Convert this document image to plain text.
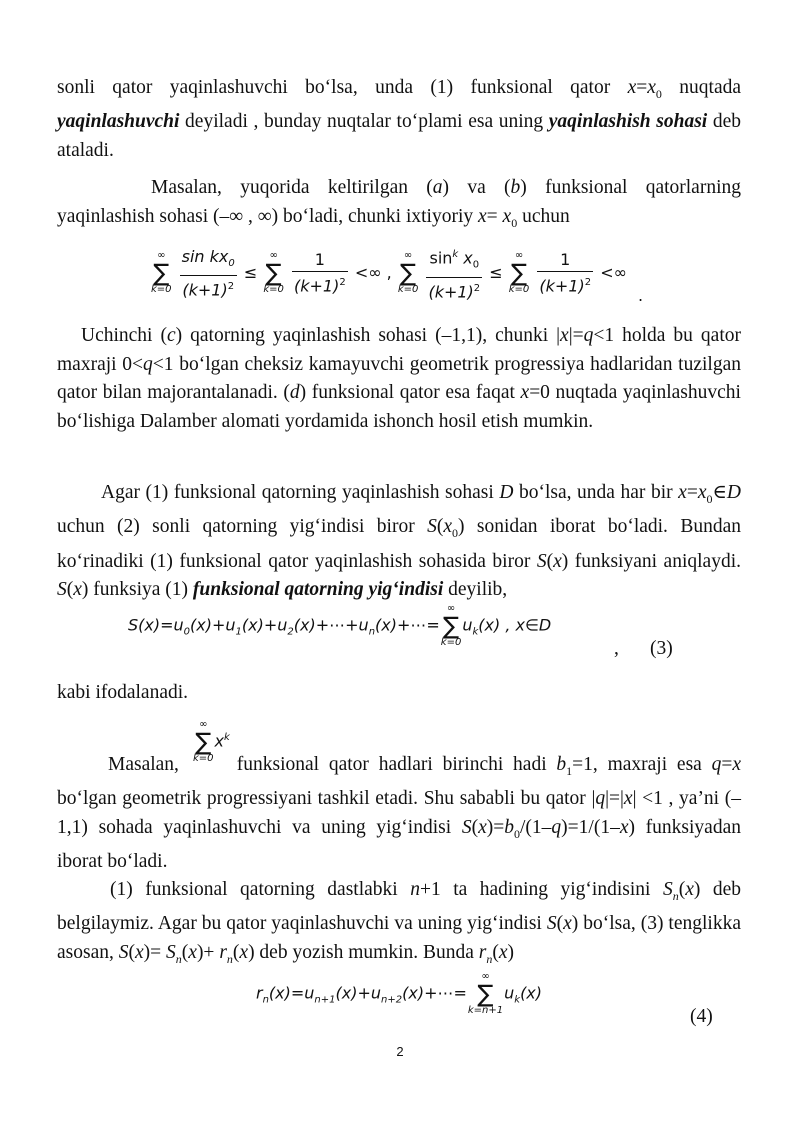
sonli qator yaqinlashuvchi bo‘lsa, unda (1) funksional qator $x=x_0$ nuqtada yaqinlashuvchi deyiladi , bunday nuqtalar to‘plami esa uning yaqinlashish sohasi deb ataladi.
Masalan, yuqorida keltirilgan (a) va (b) funksional qatorlarning yaqinlashish sohasi (–∞ , ∞) bo‘ladi, chunki ixtiyoriy $x= x_0$ uchun
∞
∑
k=0
$\frac{\sin kx_0}{(k+1)^2}$ ≤
∞
∑
k=0
$\frac{1}{(k+1)^2}$ <∞ ,
∞
∑
k=0
$\frac{\sin^k x_0}{(k+1)^2}$ ≤
∞
∑
k=0
$\frac{1}{(k+1)^2}$ <∞
.
Uchinchi (c) qatorning yaqinlashish sohasi (–1,1), chunki |x|=q<1 holda bu qator maxraji 0<q<1 bo‘lgan cheksiz kamayuvchi geometrik progressiya hadlaridan tuzilgan qator bilan majorantalanadi. (d) funksional qator esa faqat x=0 nuqtada yaqinlashuvchi bo‘lishiga Dalamber alomati yordamida ishonch hosil etish mumkin.
Agar (1) funksional qatorning yaqinlashish sohasi D bo‘lsa, unda har bir $x=x_0\in D$ uchun (2) sonli qatorning yig‘indisi biror $S(x_0)$ sonidan iborat bo‘ladi. Bundan ko‘rinadiki (1) funksional qator yaqinlashish sohasida biror S(x) funksiyani aniqlaydi. S(x) funksiya (1) funksional qatorning yig‘indisi deyilib,
$S(x)=u_0(x)+u_1(x)+u_2(x)+\cdots+u_n(x)+\cdots=$
∞
∑
k=0
$u_k(x)$ , x∈D
, (3)
kabi ifodalanadi.
∞
∑
k=0
$x^k$
Masalan, funksional qator hadlari birinchi hadi $b_1=1$, maxraji esa q=x bo‘lgan geometrik progressiyani tashkil etadi. Shu sababli bu qator |q|=|x| <1 , ya’ni (–1,1) sohada yaqinlashuvchi va uning yig‘indisi $S(x)=b_0/(1-q)=1/(1-x)$ funksiyadan iborat bo‘ladi.
(1) funksional qatorning dastlabki n+1 ta hadining yig‘indisini $S_n(x)$ deb belgilaymiz. Agar bu qator yaqinlashuvchi va uning yig‘indisi S(x) bo‘lsa, (3) tenglikka asosan, $S(x)= S_n(x)+ r_n(x)$ deb yozish mumkin. Bunda $r_n(x)$
$r_n(x)=u_{n+1}(x)+u_{n+2}(x)+\cdots=$
∞
∑
k=n+1
$u_k(x)$
(4)
2
